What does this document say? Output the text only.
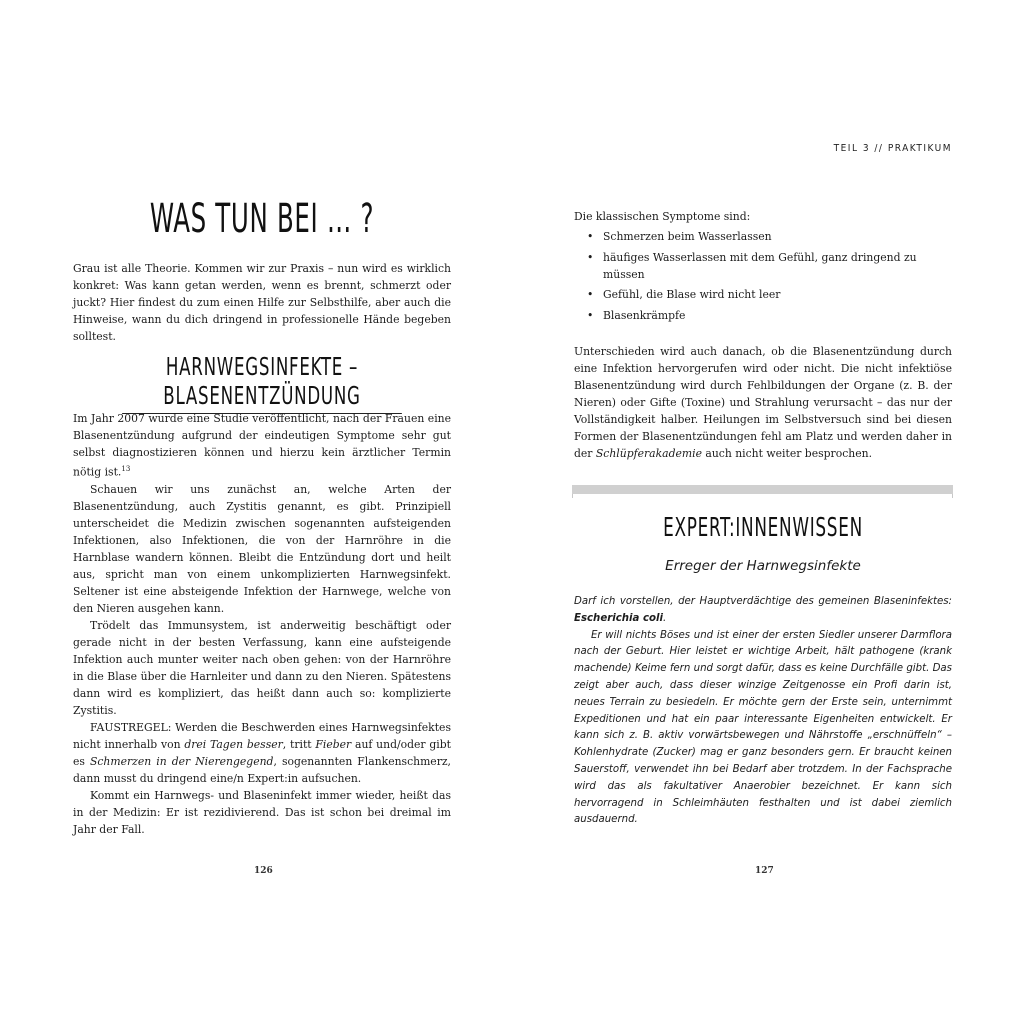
WAS TUN BEI … ?

Grau ist alle Theorie. Kommen wir zur Praxis – nun wird es wirklich konkret: Was kann getan werden, wenn es brennt, schmerzt oder juckt? Hier findest du zum einen Hilfe zur Selbsthilfe, aber auch die Hinweise, wann du dich dringend in professionelle Hände begeben solltest.

HARNWEGSINFEKTE – BLASENENTZÜNDUNG

Im Jahr 2007 wurde eine Studie veröffentlicht, nach der Frauen eine Blasenentzündung aufgrund der eindeutigen Symptome sehr gut selbst diagnostizieren können und hierzu kein ärztlicher Termin nötig ist.$^{13}$

Schauen wir uns zunächst an, welche Arten der Blasenentzündung, auch Zystitis genannt, es gibt. Prinzipiell unterscheidet die Medizin zwischen sogenannten aufsteigenden Infektionen, also Infektionen, die von der Harnröhre in die Harnblase wandern können. Bleibt die Entzündung dort und heilt aus, spricht man von einem unkomplizierten Harnwegsinfekt. Seltener ist eine absteigende Infektion der Harnwege, welche von den Nieren ausgehen kann.

Trödelt das Immunsystem, ist anderweitig beschäftigt oder gerade nicht in der besten Verfassung, kann eine aufsteigende Infektion auch munter weiter nach oben gehen: von der Harnröhre in die Blase über die Harnleiter und dann zu den Nieren. Spätestens dann wird es kompliziert, das heißt dann auch so: komplizierte Zystitis.

FAUSTREGEL: Werden die Beschwerden eines Harnwegsinfektes nicht innerhalb von drei Tagen besser, tritt Fieber auf und/oder gibt es Schmerzen in der Nierengegend, sogenannten Flankenschmerz, dann musst du dringend eine/n Expert:in aufsuchen.

Kommt ein Harnwegs- und Blaseninfekt immer wieder, heißt das in der Medizin: Er ist rezidivierend. Das ist schon bei dreimal im Jahr der Fall.

126
TEIL 3 // PRAKTIKUM

Die klassischen Symptome sind:

• Schmerzen beim Wasserlassen
• häufiges Wasserlassen mit dem Gefühl, ganz dringend zu müssen
• Gefühl, die Blase wird nicht leer
• Blasenkrämpfe

Unterschieden wird auch danach, ob die Blasenentzündung durch eine Infektion hervorgerufen wird oder nicht. Die nicht infektiöse Blasenentzündung wird durch Fehlbildungen der Organe (z. B. der Nieren) oder Gifte (Toxine) und Strahlung verursacht – das nur der Vollständigkeit halber. Heilungen im Selbstversuch sind bei diesen Formen der Blasenentzündungen fehl am Platz und werden daher in der Schlüpferakademie auch nicht weiter besprochen.

EXPERT:INNENWISSEN

Erreger der Harnwegsinfekte

Darf ich vorstellen, der Hauptverdächtige des gemeinen Blaseninfektes: Escherichia coli.

Er will nichts Böses und ist einer der ersten Siedler unserer Darmflora nach der Geburt. Hier leistet er wichtige Arbeit, hält pathogene (krank machende) Keime fern und sorgt dafür, dass es keine Durchfälle gibt. Das zeigt aber auch, dass dieser winzige Zeitgenosse ein Profi darin ist, neues Terrain zu besiedeln. Er möchte gern der Erste sein, unternimmt Expeditionen und hat ein paar interessante Eigenheiten entwickelt. Er kann sich z. B. aktiv vorwärtsbewegen und Nährstoffe „erschnüffeln“ – Kohlenhydrate (Zucker) mag er ganz besonders gern. Er braucht keinen Sauerstoff, verwendet ihn bei Bedarf aber trotzdem. In der Fachsprache wird das als fakultativer Anaerobier bezeichnet. Er kann sich hervorragend in Schleimhäuten festhalten und ist dabei ziemlich ausdauernd.

127
